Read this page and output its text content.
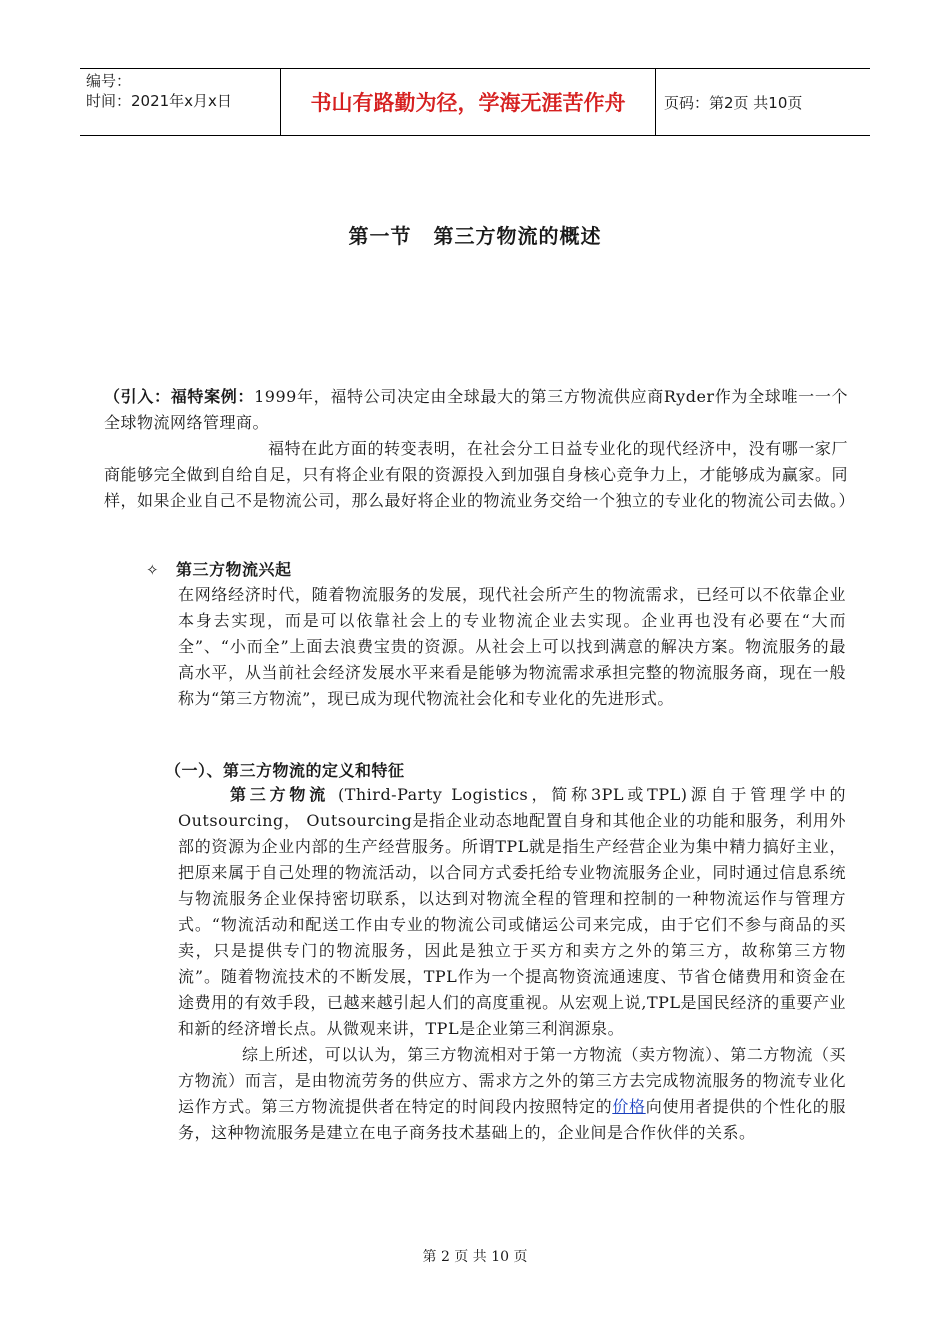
编号：
时间：2021年x月x日	书山有路勤为径，学海无涯苦作舟	页码：第2页 共10页
第一节 第三方物流的概述

（引入：福特案例：1999年，福特公司决定由全球最大的第三方物流供应商Ryder作为全球唯一一个全球物流网络管理商。

福特在此方面的转变表明，在社会分工日益专业化的现代经济中，没有哪一家厂商能够完全做到自给自足，只有将企业有限的资源投入到加强自身核心竞争力上，才能够成为赢家。同样，如果企业自己不是物流公司，那么最好将企业的物流业务交给一个独立的专业化的物流公司去做。）

✧ 第三方物流兴起

在网络经济时代，随着物流服务的发展，现代社会所产生的物流需求，已经可以不依靠企业本身去实现，而是可以依靠社会上的专业物流企业去实现。企业再也没有必要在“大而全”、“小而全”上面去浪费宝贵的资源。从社会上可以找到满意的解决方案。物流服务的最高水平，从当前社会经济发展水平来看是能够为物流需求承担完整的物流服务商，现在一般称为“第三方物流”，现已成为现代物流社会化和专业化的先进形式。

（一）、第三方物流的定义和特征

第三方物流 (Third-Party Logistics，简称3PL或TPL)源自于管理学中的Outsourcing， Outsourcing是指企业动态地配置自身和其他企业的功能和服务，利用外部的资源为企业内部的生产经营服务。所谓TPL就是指生产经营企业为集中精力搞好主业，把原来属于自己处理的物流活动，以合同方式委托给专业物流服务企业，同时通过信息系统与物流服务企业保持密切联系，以达到对物流全程的管理和控制的一种物流运作与管理方式。“物流活动和配送工作由专业的物流公司或储运公司来完成，由于它们不参与商品的买卖，只是提供专门的物流服务，因此是独立于买方和卖方之外的第三方，故称第三方物流”。随着物流技术的不断发展，TPL作为一个提高物资流通速度、节省仓储费用和资金在途费用的有效手段，已越来越引起人们的高度重视。从宏观上说,TPL是国民经济的重要产业和新的经济增长点。从微观来讲，TPL是企业第三利润源泉。

综上所述，可以认为，第三方物流相对于第一方物流（卖方物流）、第二方物流（买方物流）而言，是由物流劳务的供应方、需求方之外的第三方去完成物流服务的物流专业化运作方式。第三方物流提供者在特定的时间段内按照特定的价格向使用者提供的个性化的服务，这种物流服务是建立在电子商务技术基础上的，企业间是合作伙伴的关系。

第 2 页 共 10 页
